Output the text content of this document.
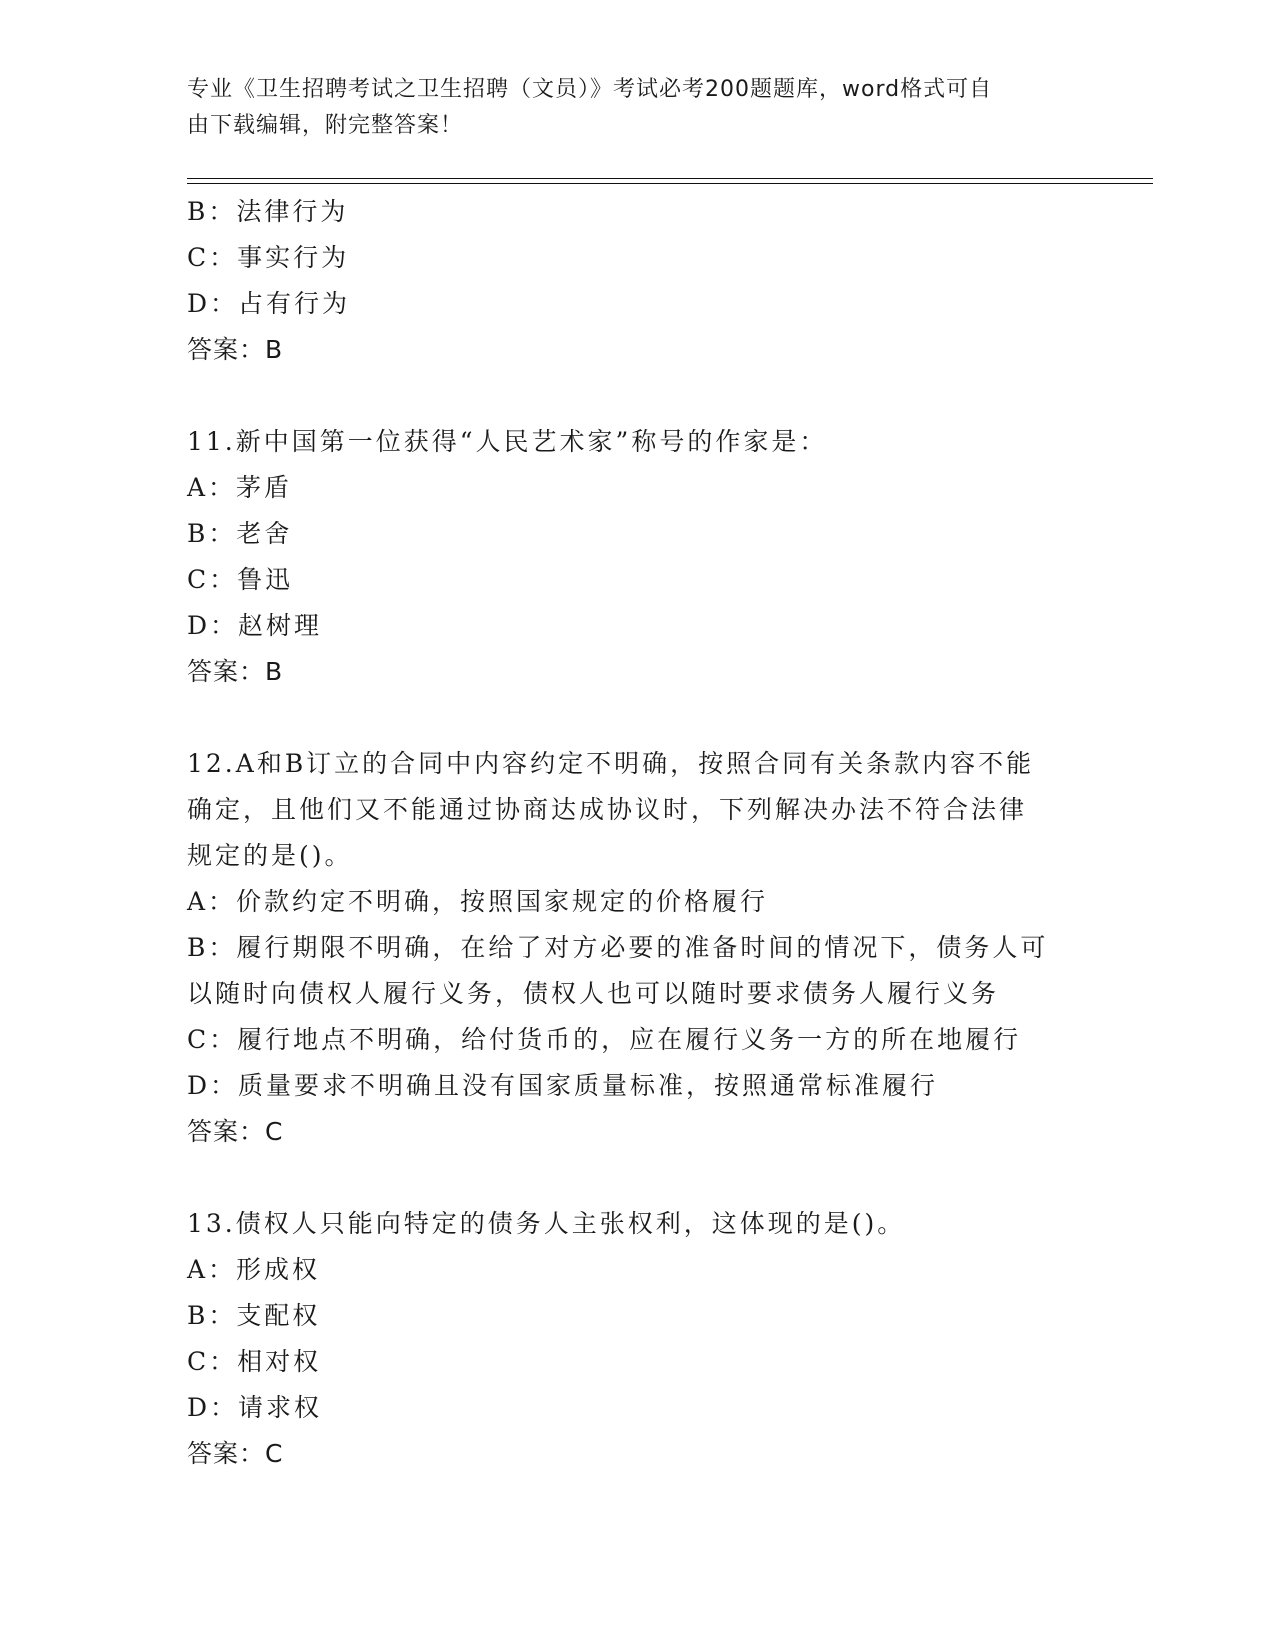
专业《卫生招聘考试之卫生招聘（文员）》考试必考200题题库，word格式可自
由下载编辑，附完整答案！
B：法律行为
C：事实行为
D：占有行为
答案：B
11.新中国第一位获得“人民艺术家”称号的作家是：
A：茅盾
B：老舍
C：鲁迅
D：赵树理
答案：B
12.A和B订立的合同中内容约定不明确，按照合同有关条款内容不能
确定，且他们又不能通过协商达成协议时，下列解决办法不符合法律
规定的是()。
A：价款约定不明确，按照国家规定的价格履行
B：履行期限不明确，在给了对方必要的准备时间的情况下，债务人可
以随时向债权人履行义务，债权人也可以随时要求债务人履行义务
C：履行地点不明确，给付货币的，应在履行义务一方的所在地履行
D：质量要求不明确且没有国家质量标准，按照通常标准履行
答案：C
13.债权人只能向特定的债务人主张权利，这体现的是()。
A：形成权
B：支配权
C：相对权
D：请求权
答案：C
